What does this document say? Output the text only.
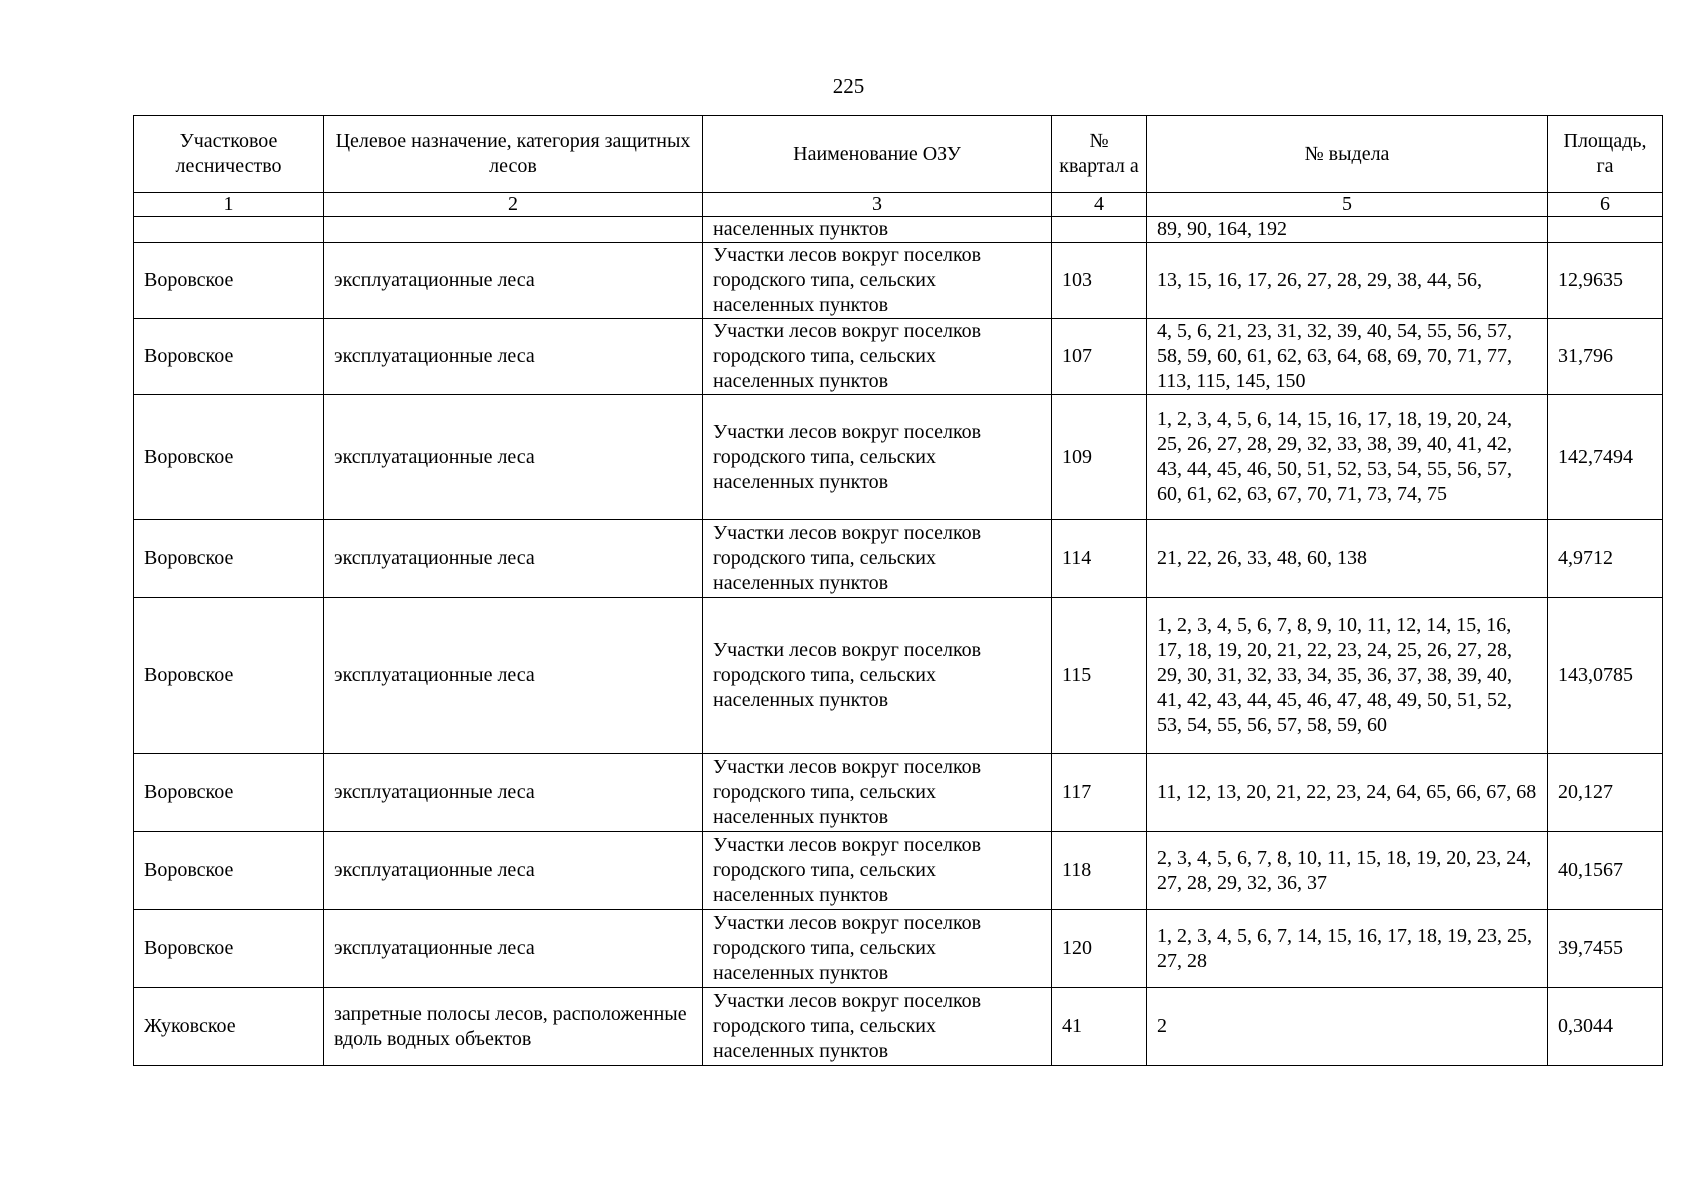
225
Участковое лесничество	Целевое назначение, категория защитных лесов	Наименование ОЗУ	№ квартал а	№ выдела	Площадь, га
1	2	3	4	5	6
		населенных пунктов		89, 90, 164, 192	
Воровское	эксплуатационные леса	Участки лесов вокруг поселков городского типа, сельских населенных пунктов	103	13, 15, 16, 17, 26, 27, 28, 29, 38, 44, 56,	12,9635
Воровское	эксплуатационные леса	Участки лесов вокруг поселков городского типа, сельских населенных пунктов	107	4, 5, 6, 21, 23, 31, 32, 39, 40, 54, 55, 56, 57, 58, 59, 60, 61, 62, 63, 64, 68, 69, 70, 71, 77, 113, 115, 145, 150	31,796
Воровское	эксплуатационные леса	Участки лесов вокруг поселков городского типа, сельских населенных пунктов	109	1, 2, 3, 4, 5, 6, 14, 15, 16, 17, 18, 19, 20, 24, 25, 26, 27, 28, 29, 32, 33, 38, 39, 40, 41, 42, 43, 44, 45, 46, 50, 51, 52, 53, 54, 55, 56, 57, 60, 61, 62, 63, 67, 70, 71, 73, 74, 75	142,7494
Воровское	эксплуатационные леса	Участки лесов вокруг поселков городского типа, сельских населенных пунктов	114	21, 22, 26, 33, 48, 60, 138	4,9712
Воровское	эксплуатационные леса	Участки лесов вокруг поселков городского типа, сельских населенных пунктов	115	1, 2, 3, 4, 5, 6, 7, 8, 9, 10, 11, 12, 14, 15, 16, 17, 18, 19, 20, 21, 22, 23, 24, 25, 26, 27, 28, 29, 30, 31, 32, 33, 34, 35, 36, 37, 38, 39, 40, 41, 42, 43, 44, 45, 46, 47, 48, 49, 50, 51, 52, 53, 54, 55, 56, 57, 58, 59, 60	143,0785
Воровское	эксплуатационные леса	Участки лесов вокруг поселков городского типа, сельских населенных пунктов	117	11, 12, 13, 20, 21, 22, 23, 24, 64, 65, 66, 67, 68	20,127
Воровское	эксплуатационные леса	Участки лесов вокруг поселков городского типа, сельских населенных пунктов	118	2, 3, 4, 5, 6, 7, 8, 10, 11, 15, 18, 19, 20, 23, 24, 27, 28, 29, 32, 36, 37	40,1567
Воровское	эксплуатационные леса	Участки лесов вокруг поселков городского типа, сельских населенных пунктов	120	1, 2, 3, 4, 5, 6, 7, 14, 15, 16, 17, 18, 19, 23, 25, 27, 28	39,7455
Жуковское	запретные полосы лесов, расположенные вдоль водных объектов	Участки лесов вокруг поселков городского типа, сельских населенных пунктов	41	2	0,3044
